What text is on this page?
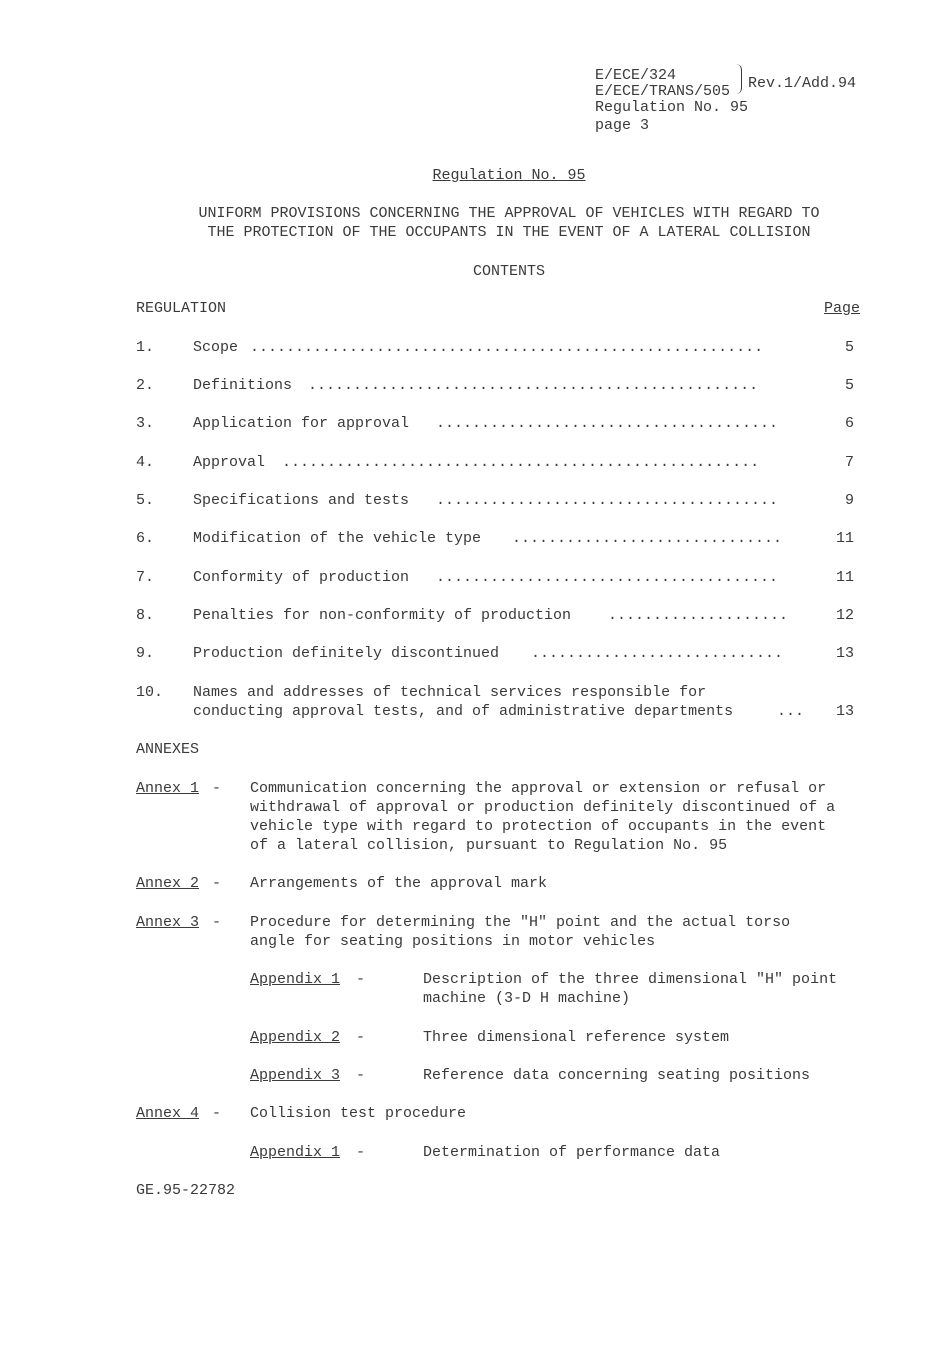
E/ECE/324
E/ECE/TRANS/505 Rev.1/Add.94
Regulation No. 95
page 3
Regulation No. 95
UNIFORM PROVISIONS CONCERNING THE APPROVAL OF VEHICLES WITH REGARD TO
THE PROTECTION OF THE OCCUPANTS IN THE EVENT OF A LATERAL COLLISION
CONTENTS
REGULATION	Page
1.	Scope .........................................................	5
2.	Definitions ..................................................	5
3.	Application for approval ......................................	6
4.	Approval .....................................................	7
5.	Specifications and tests ......................................	9
6.	Modification of the vehicle type ..............................	11
7.	Conformity of production ......................................	11
8.	Penalties for non-conformity of production ....................	12
9.	Production definitely discontinued ............................	13
10. Names and addresses of technical services responsible for
conducting approval tests, and of administrative departments	...	13
ANNEXES
Annex 1 - Communication concerning the approval or extension or refusal or
withdrawal of approval or production definitely discontinued of a
vehicle type with regard to protection of occupants in the event
of a lateral collision, pursuant to Regulation No. 95
Annex 2 - Arrangements of the approval mark
Annex 3 - Procedure for determining the "H" point and the actual torso
angle for seating positions in motor vehicles
Appendix 1 -	Description of the three dimensional "H" point
machine (3-D H machine)
Appendix 2 -	Three dimensional reference system
Appendix 3 -	Reference data concerning seating positions
Annex 4 - Collision test procedure
Appendix 1 -	Determination of performance data
GE.95-22782
